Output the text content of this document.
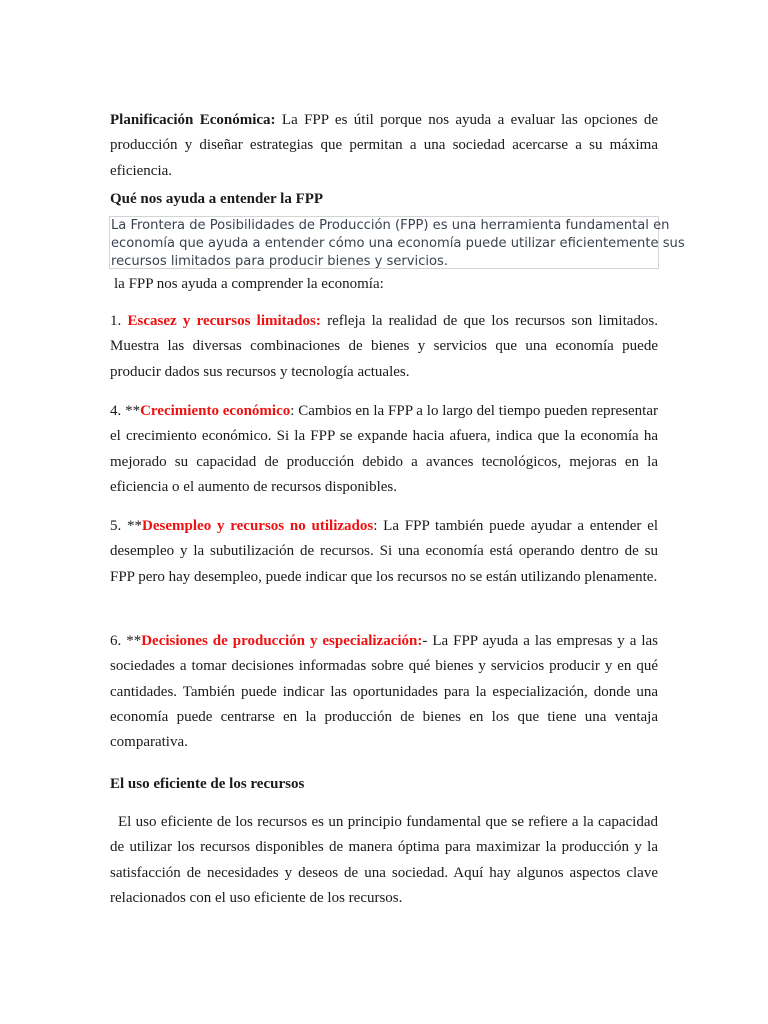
Planificación Económica: La FPP es útil porque nos ayuda a evaluar las opciones de producción y diseñar estrategias que permitan a una sociedad acercarse a su máxima eficiencia.

Qué nos ayuda a entender la FPP
La Frontera de Posibilidades de Producción (FPP) es una herramienta fundamental en
economía que ayuda a entender cómo una economía puede utilizar eficientemente sus
recursos limitados para producir bienes y servicios.
la FPP nos ayuda a comprender la economía:

1. Escasez y recursos limitados: refleja la realidad de que los recursos son limitados. Muestra las diversas combinaciones de bienes y servicios que una economía puede producir dados sus recursos y tecnología actuales.

4. **Crecimiento económico: Cambios en la FPP a lo largo del tiempo pueden representar el crecimiento económico. Si la FPP se expande hacia afuera, indica que la economía ha mejorado su capacidad de producción debido a avances tecnológicos, mejoras en la eficiencia o el aumento de recursos disponibles.

5. **Desempleo y recursos no utilizados: La FPP también puede ayudar a entender el desempleo y la subutilización de recursos. Si una economía está operando dentro de su FPP pero hay desempleo, puede indicar que los recursos no se están utilizando plenamente.

6. **Decisiones de producción y especialización:- La FPP ayuda a las empresas y a las sociedades a tomar decisiones informadas sobre qué bienes y servicios producir y en qué cantidades. También puede indicar las oportunidades para la especialización, donde una economía puede centrarse en la producción de bienes en los que tiene una ventaja comparativa.

El uso eficiente de los recursos

El uso eficiente de los recursos es un principio fundamental que se refiere a la capacidad de utilizar los recursos disponibles de manera óptima para maximizar la producción y la satisfacción de necesidades y deseos de una sociedad. Aquí hay algunos aspectos clave relacionados con el uso eficiente de los recursos.
